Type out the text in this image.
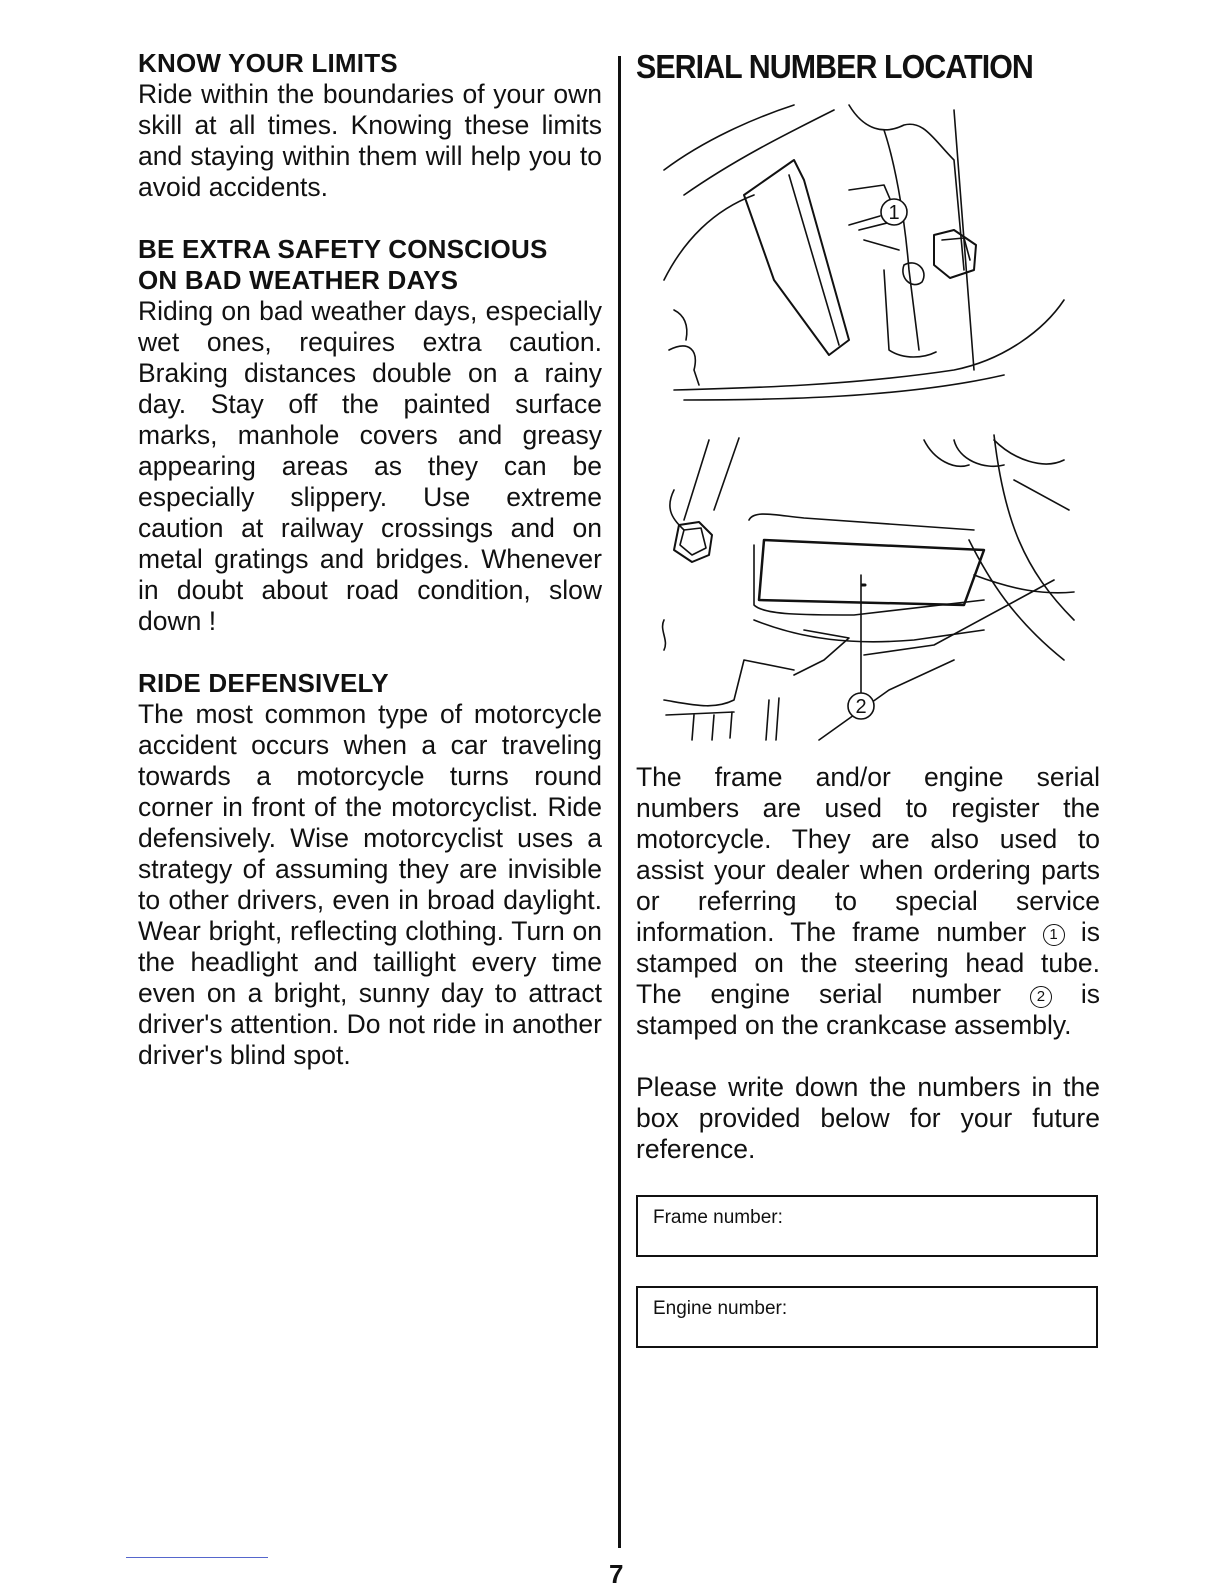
KNOW YOUR LIMITS

Ride within the boundaries of your own skill at all times. Knowing these limits and staying within them will help you to avoid accidents.

BE EXTRA SAFETY CONSCIOUS
ON BAD WEATHER DAYS

Riding on bad weather days, especially wet ones, requires extra caution. Braking distances double on a rainy day. Stay off the painted surface marks, manhole covers and greasy appearing areas as they can be especially slippery. Use extreme caution at railway crossings and on metal gratings and bridges. Whenever in doubt about road condition, slow down !

RIDE DEFENSIVELY

The most common type of motorcycle accident occurs when a car traveling towards a motorcycle turns round corner in front of the motorcyclist. Ride defensively. Wise motorcyclist uses a strategy of assuming they are invisible to other drivers, even in broad daylight. Wear bright, reflecting clothing. Turn on the headlight and taillight every time even on a bright, sunny day to attract driver's attention. Do not ride in another driver's blind spot.

SERIAL NUMBER LOCATION
1
2

The frame and/or engine serial numbers are used to register the motorcycle. They are also used to assist your dealer when ordering parts or referring to special service information. The frame number 1 is stamped on the steering head tube. The engine serial number 2 is stamped on the crankcase assembly.

Please write down the numbers in the box provided below for your future reference.

Frame number:
Engine number:
7
